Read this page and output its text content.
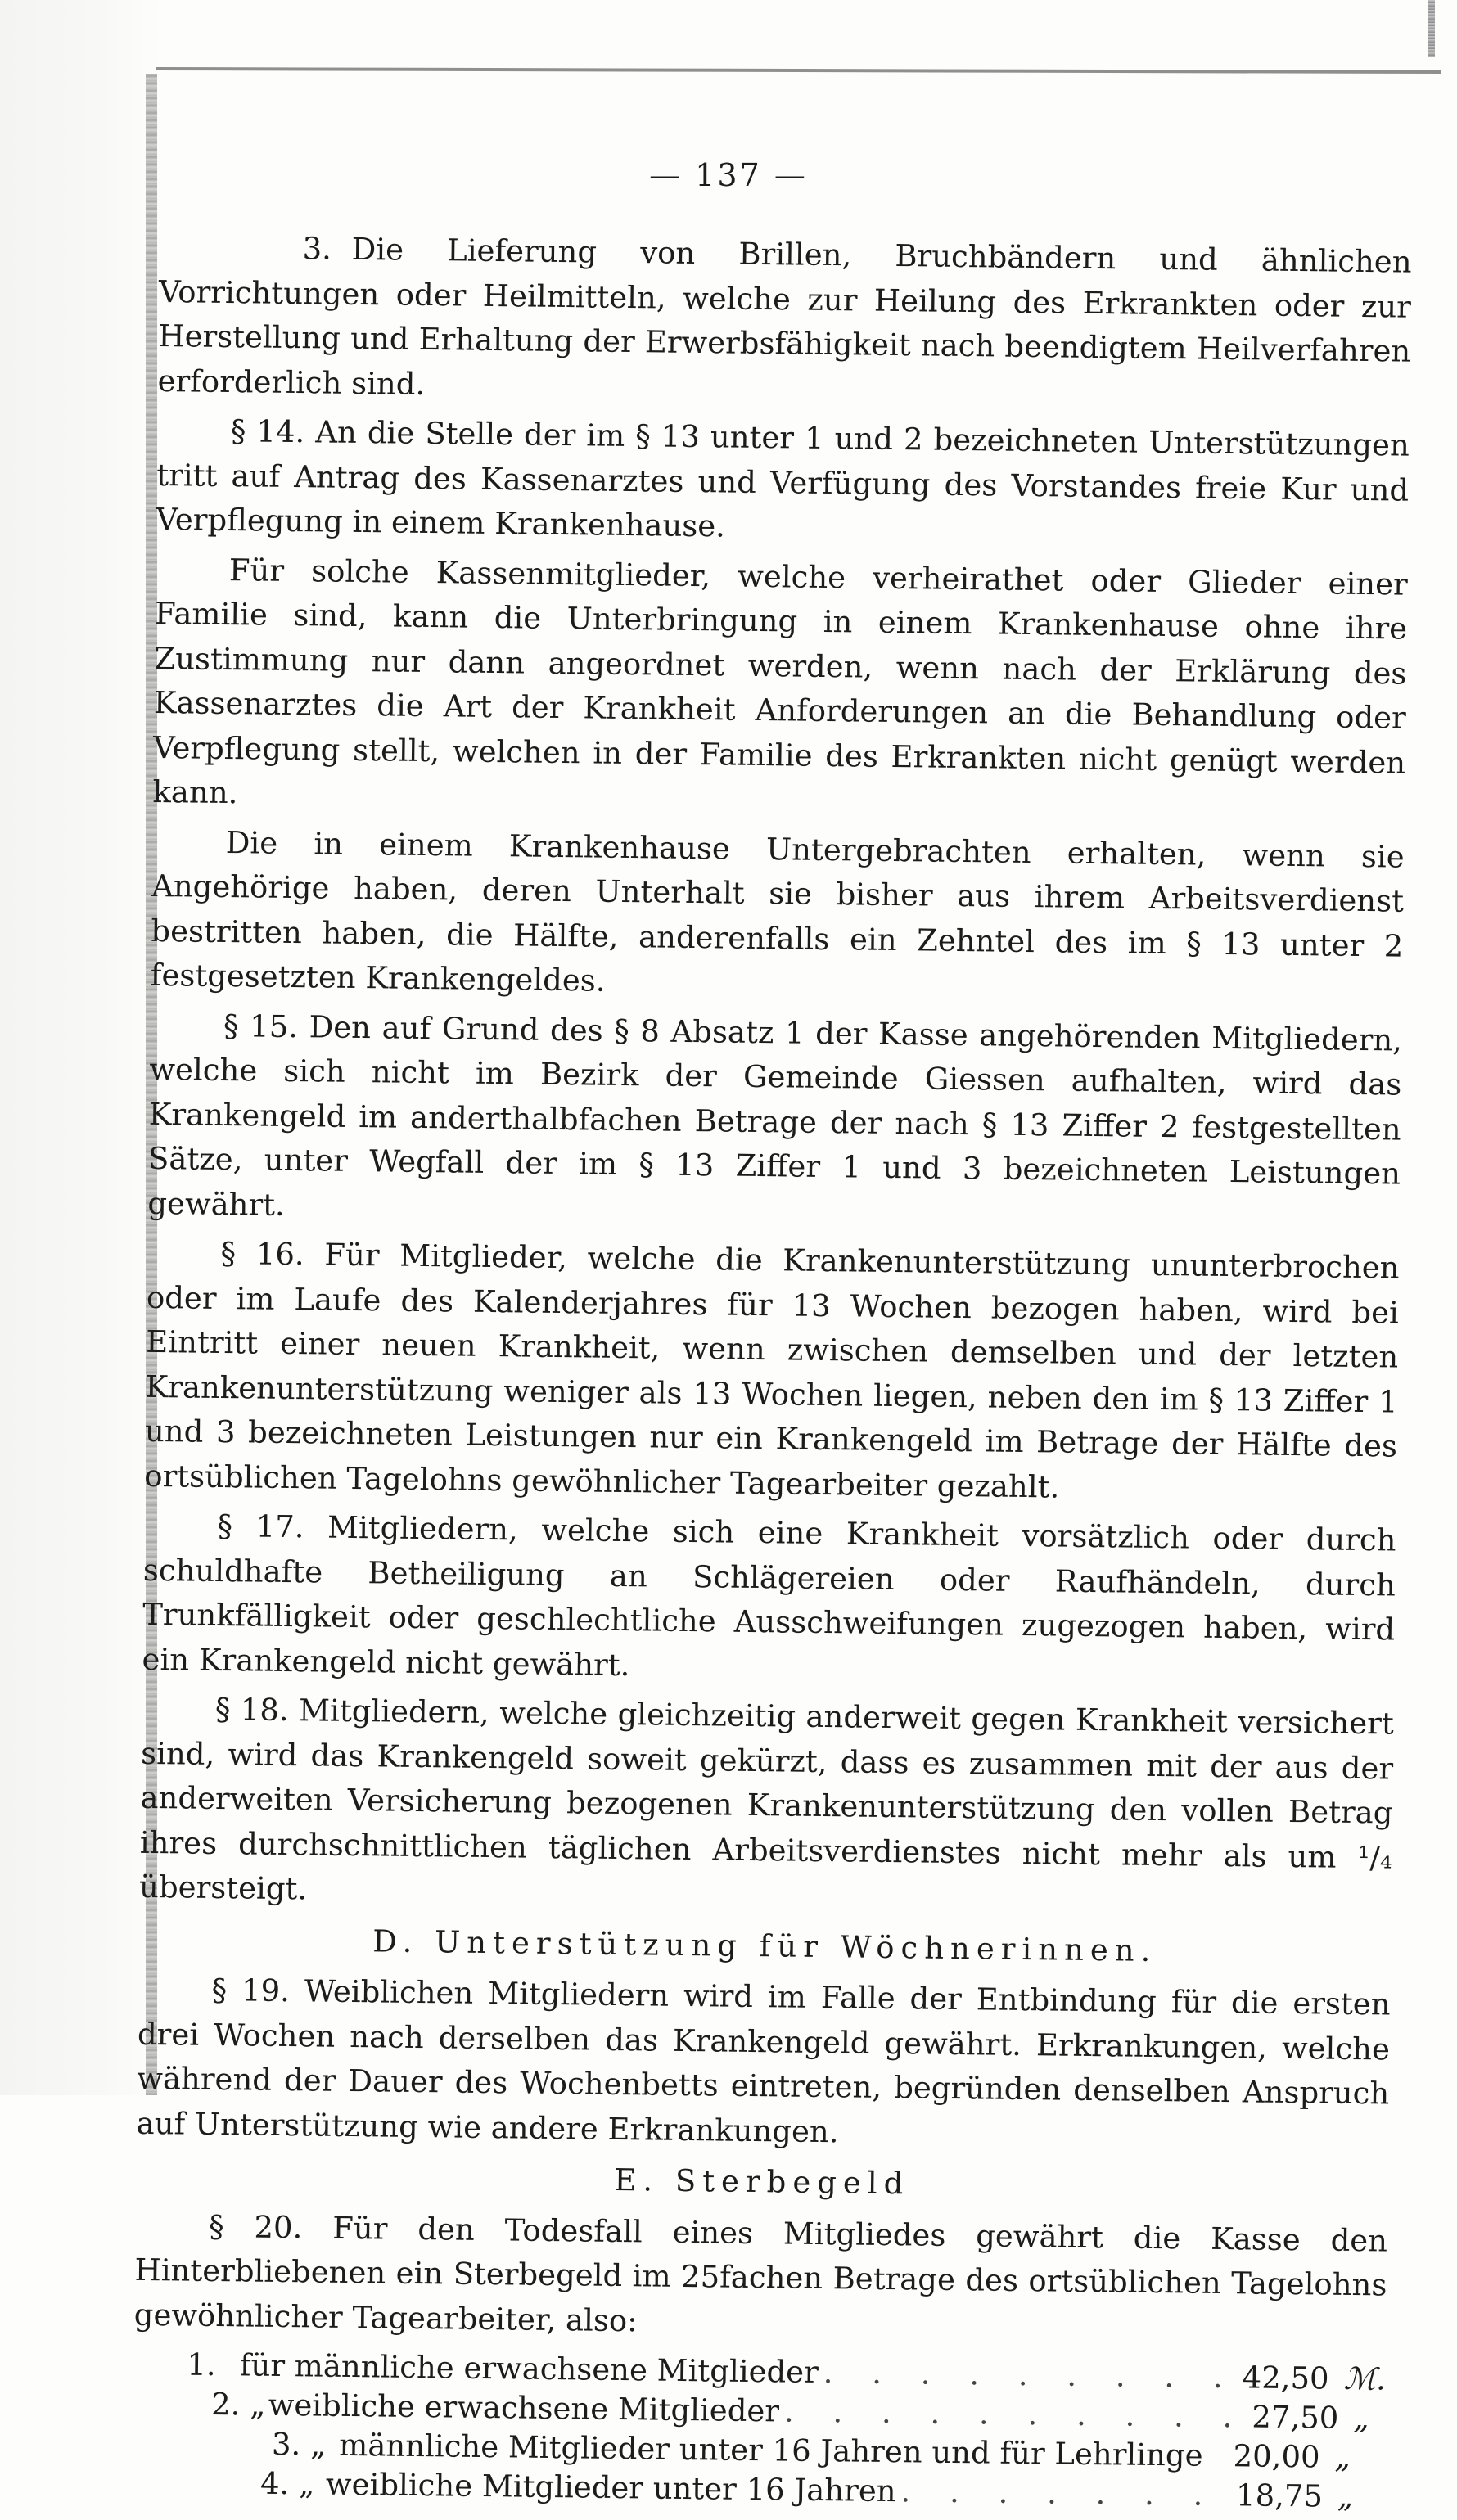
— 137 —

3. Die Lieferung von Brillen, Bruchbändern und ähnlichen Vorrichtungen oder Heilmitteln, welche zur Heilung des Erkrankten oder zur Herstellung und Erhaltung der Erwerbsfähigkeit nach beendigtem Heilverfahren erforderlich sind.

§ 14. An die Stelle der im § 13 unter 1 und 2 bezeichneten Unterstützungen tritt auf Antrag des Kassenarztes und Verfügung des Vorstandes freie Kur und Verpflegung in einem Krankenhause.

Für solche Kassenmitglieder, welche verheirathet oder Glieder einer Familie sind, kann die Unterbringung in einem Krankenhause ohne ihre Zustimmung nur dann angeordnet werden, wenn nach der Erklärung des Kassenarztes die Art der Krankheit Anforderungen an die Behandlung oder Verpflegung stellt, welchen in der Familie des Erkrankten nicht genügt werden kann.

Die in einem Krankenhause Untergebrachten erhalten, wenn sie Angehörige haben, deren Unterhalt sie bisher aus ihrem Arbeitsverdienst bestritten haben, die Hälfte, anderenfalls ein Zehntel des im § 13 unter 2 festgesetzten Krankengeldes.

§ 15. Den auf Grund des § 8 Absatz 1 der Kasse angehörenden Mitgliedern, welche sich nicht im Bezirk der Gemeinde Giessen aufhalten, wird das Krankengeld im anderthalbfachen Betrage der nach § 13 Ziffer 2 festgestellten Sätze, unter Wegfall der im § 13 Ziffer 1 und 3 bezeichneten Leistungen gewährt.

§ 16. Für Mitglieder, welche die Krankenunterstützung ununterbrochen oder im Laufe des Kalenderjahres für 13 Wochen bezogen haben, wird bei Eintritt einer neuen Krankheit, wenn zwischen demselben und der letzten Krankenunterstützung weniger als 13 Wochen liegen, neben den im § 13 Ziffer 1 und 3 bezeichneten Leistungen nur ein Krankengeld im Betrage der Hälfte des ortsüblichen Tagelohns gewöhnlicher Tagearbeiter gezahlt.

§ 17. Mitgliedern, welche sich eine Krankheit vorsätzlich oder durch schuldhafte Betheiligung an Schlägereien oder Raufhändeln, durch Trunkfälligkeit oder geschlechtliche Ausschweifungen zugezogen haben, wird ein Krankengeld nicht gewährt.

§ 18. Mitgliedern, welche gleichzeitig anderweit gegen Krankheit versichert sind, wird das Krankengeld soweit gekürzt, dass es zusammen mit der aus der anderweiten Versicherung bezogenen Krankenunterstützung den vollen Betrag ihres durchschnittlichen täglichen Arbeitsverdienstes nicht mehr als um ¹/₄ übersteigt.

D. Unterstützung für Wöchnerinnen.

§ 19. Weiblichen Mitgliedern wird im Falle der Entbindung für die ersten drei Wochen nach derselben das Krankengeld gewährt. Erkrankungen, welche während der Dauer des Wochenbetts eintreten, begründen denselben Anspruch auf Unterstützung wie andere Erkrankungen.

E. Sterbegeld

§ 20. Für den Todesfall eines Mitgliedes gewährt die Kasse den Hinterbliebenen ein Sterbegeld im 25fachen Betrage des ortsüblichen Tagelohns gewöhnlicher Tagearbeiter, also:

1. für männliche erwachsene Mitglieder . . . . . . . . . 42,50 ℳ.
2. „ weibliche erwachsene Mitglieder . . . . . . . . . . 27,50 „
3. „ männliche Mitglieder unter 16 Jahren und für Lehrlinge 20,00 „
4. „ weibliche Mitglieder unter 16 Jahren . . . . . . . 18,75 „
